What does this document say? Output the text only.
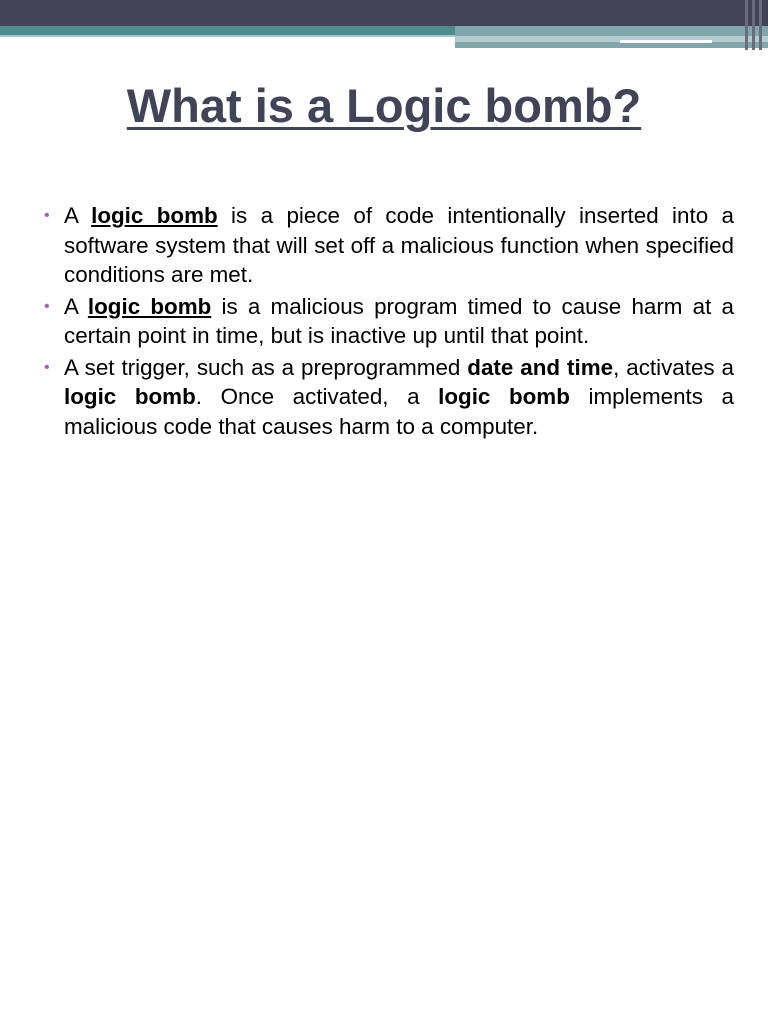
What is a Logic bomb?
• A logic bomb is a piece of code intentionally inserted into a software system that will set off a malicious function when specified conditions are met.
• A logic bomb is a malicious program timed to cause harm at a certain point in time, but is inactive up until that point.
• A set trigger, such as a preprogrammed date and time, activates a logic bomb. Once activated, a logic bomb implements a malicious code that causes harm to a computer.
